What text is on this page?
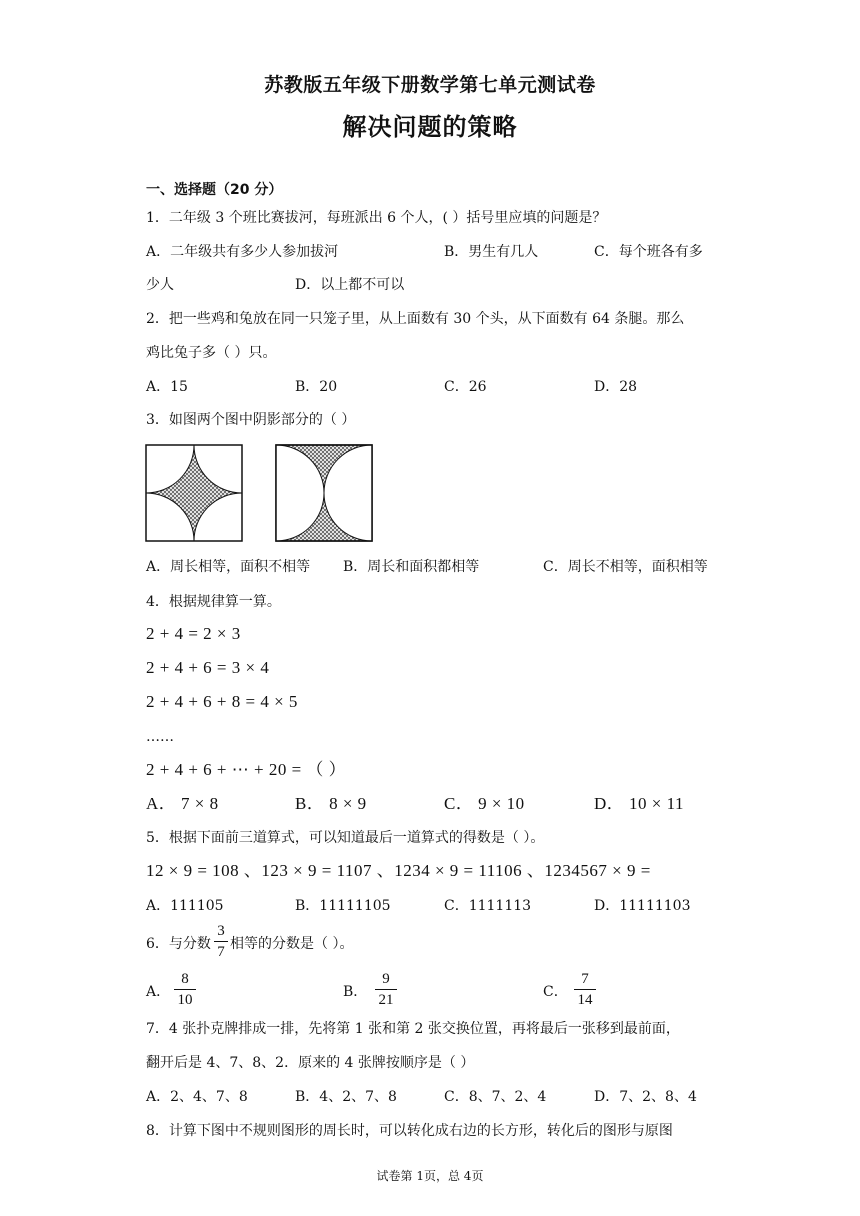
苏教版五年级下册数学第七单元测试卷
解决问题的策略
一、选择题（20 分）
1．二年级 3 个班比赛拔河，每班派出 6 个人，( ）括号里应填的问题是？
A．二年级共有多少人参加拔河	B．男生有几人	C．每个班各有多
少人	D．以上都不可以
2．把一些鸡和兔放在同一只笼子里，从上面数有 30 个头，从下面数有 64 条腿。那么
鸡比兔子多（ ）只。
A．15	B．20	C．26	D．28
3．如图两个图中阴影部分的（ ）
A．周长相等，面积不相等 B．周长和面积都相等	C．周长不相等，面积相等
4．根据规律算一算。
2 + 4 = 2 × 3
2 + 4 + 6 = 3 × 4
2 + 4 + 6 + 8 = 4 × 5
……
2 + 4 + 6 + ⋯ + 20 = （ ）
A． 7 × 8	B． 8 × 9	C． 9 × 10	D． 10 × 11
5．根据下面前三道算式，可以知道最后一道算式的得数是（ ）。
12 × 9 = 108 、123 × 9 = 1107 、1234 × 9 = 11106 、1234567 × 9 =
A．111105	B．11111105	C．1111113	D．11111103
6．与分数
3
7 相等的分数是（ ）。
A．
8
10	B．
9
21	C．
7
14
7．4 张扑克牌排成一排，先将第 1 张和第 2 张交换位置，再将最后一张移到最前面，
翻开后是 4、7、8、2．原来的 4 张牌按顺序是（ ）
A．2、4、7、8	B．4、2、7、8	C．8、7、2、4	D．7、2、8、4
8．计算下图中不规则图形的周长时，可以转化成右边的长方形，转化后的图形与原图
试卷第 1页，总 4页
